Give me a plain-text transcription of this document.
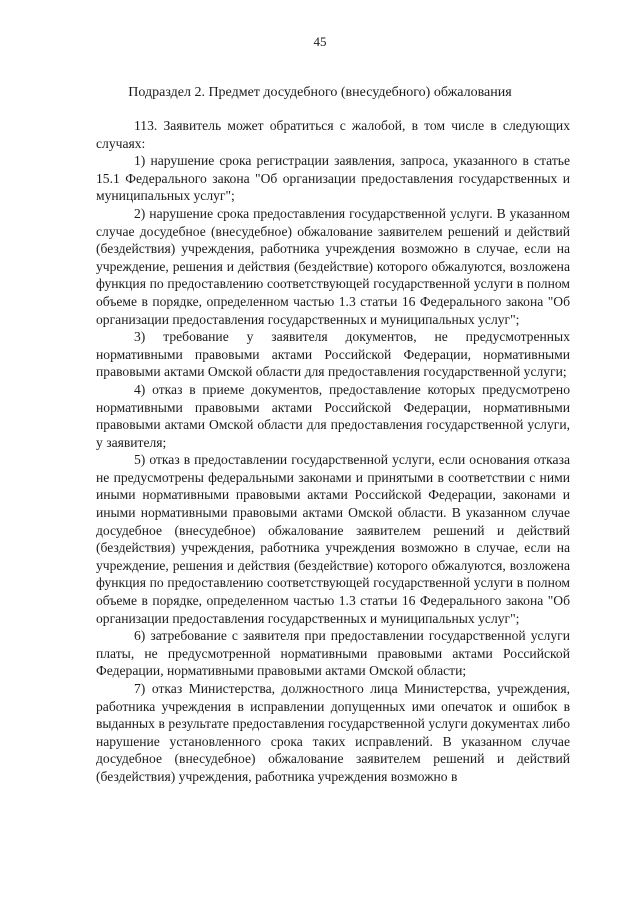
45
Подраздел 2. Предмет досудебного (внесудебного) обжалования

113. Заявитель может обратиться с жалобой, в том числе в следующих случаях:

1) нарушение срока регистрации заявления, запроса, указанного в статье 15.1 Федерального закона "Об организации предоставления государственных и муниципальных услуг";

2) нарушение срока предоставления государственной услуги. В указанном случае досудебное (внесудебное) обжалование заявителем решений и действий (бездействия) учреждения, работника учреждения возможно в случае, если на учреждение, решения и действия (бездействие) которого обжалуются, возложена функция по предоставлению соответствующей государственной услуги в полном объеме в порядке, определенном частью 1.3 статьи 16 Федерального закона "Об организации предоставления государственных и муниципальных услуг";

3) требование у заявителя документов, не предусмотренных нормативными правовыми актами Российской Федерации, нормативными правовыми актами Омской области для предоставления государственной услуги;

4) отказ в приеме документов, предоставление которых предусмотрено нормативными правовыми актами Российской Федерации, нормативными правовыми актами Омской области для предоставления государственной услуги, у заявителя;

5) отказ в предоставлении государственной услуги, если основания отказа не предусмотрены федеральными законами и принятыми в соответствии с ними иными нормативными правовыми актами Российской Федерации, законами и иными нормативными правовыми актами Омской области. В указанном случае досудебное (внесудебное) обжалование заявителем решений и действий (бездействия) учреждения, работника учреждения возможно в случае, если на учреждение, решения и действия (бездействие) которого обжалуются, возложена функция по предоставлению соответствующей государственной услуги в полном объеме в порядке, определенном частью 1.3 статьи 16 Федерального закона "Об организации предоставления государственных и муниципальных услуг";

6) затребование с заявителя при предоставлении государственной услуги платы, не предусмотренной нормативными правовыми актами Российской Федерации, нормативными правовыми актами Омской области;

7) отказ Министерства, должностного лица Министерства, учреждения, работника учреждения в исправлении допущенных ими опечаток и ошибок в выданных в результате предоставления государственной услуги документах либо нарушение установленного срока таких исправлений. В указанном случае досудебное (внесудебное) обжалование заявителем решений и действий (бездействия) учреждения, работника учреждения возможно в
